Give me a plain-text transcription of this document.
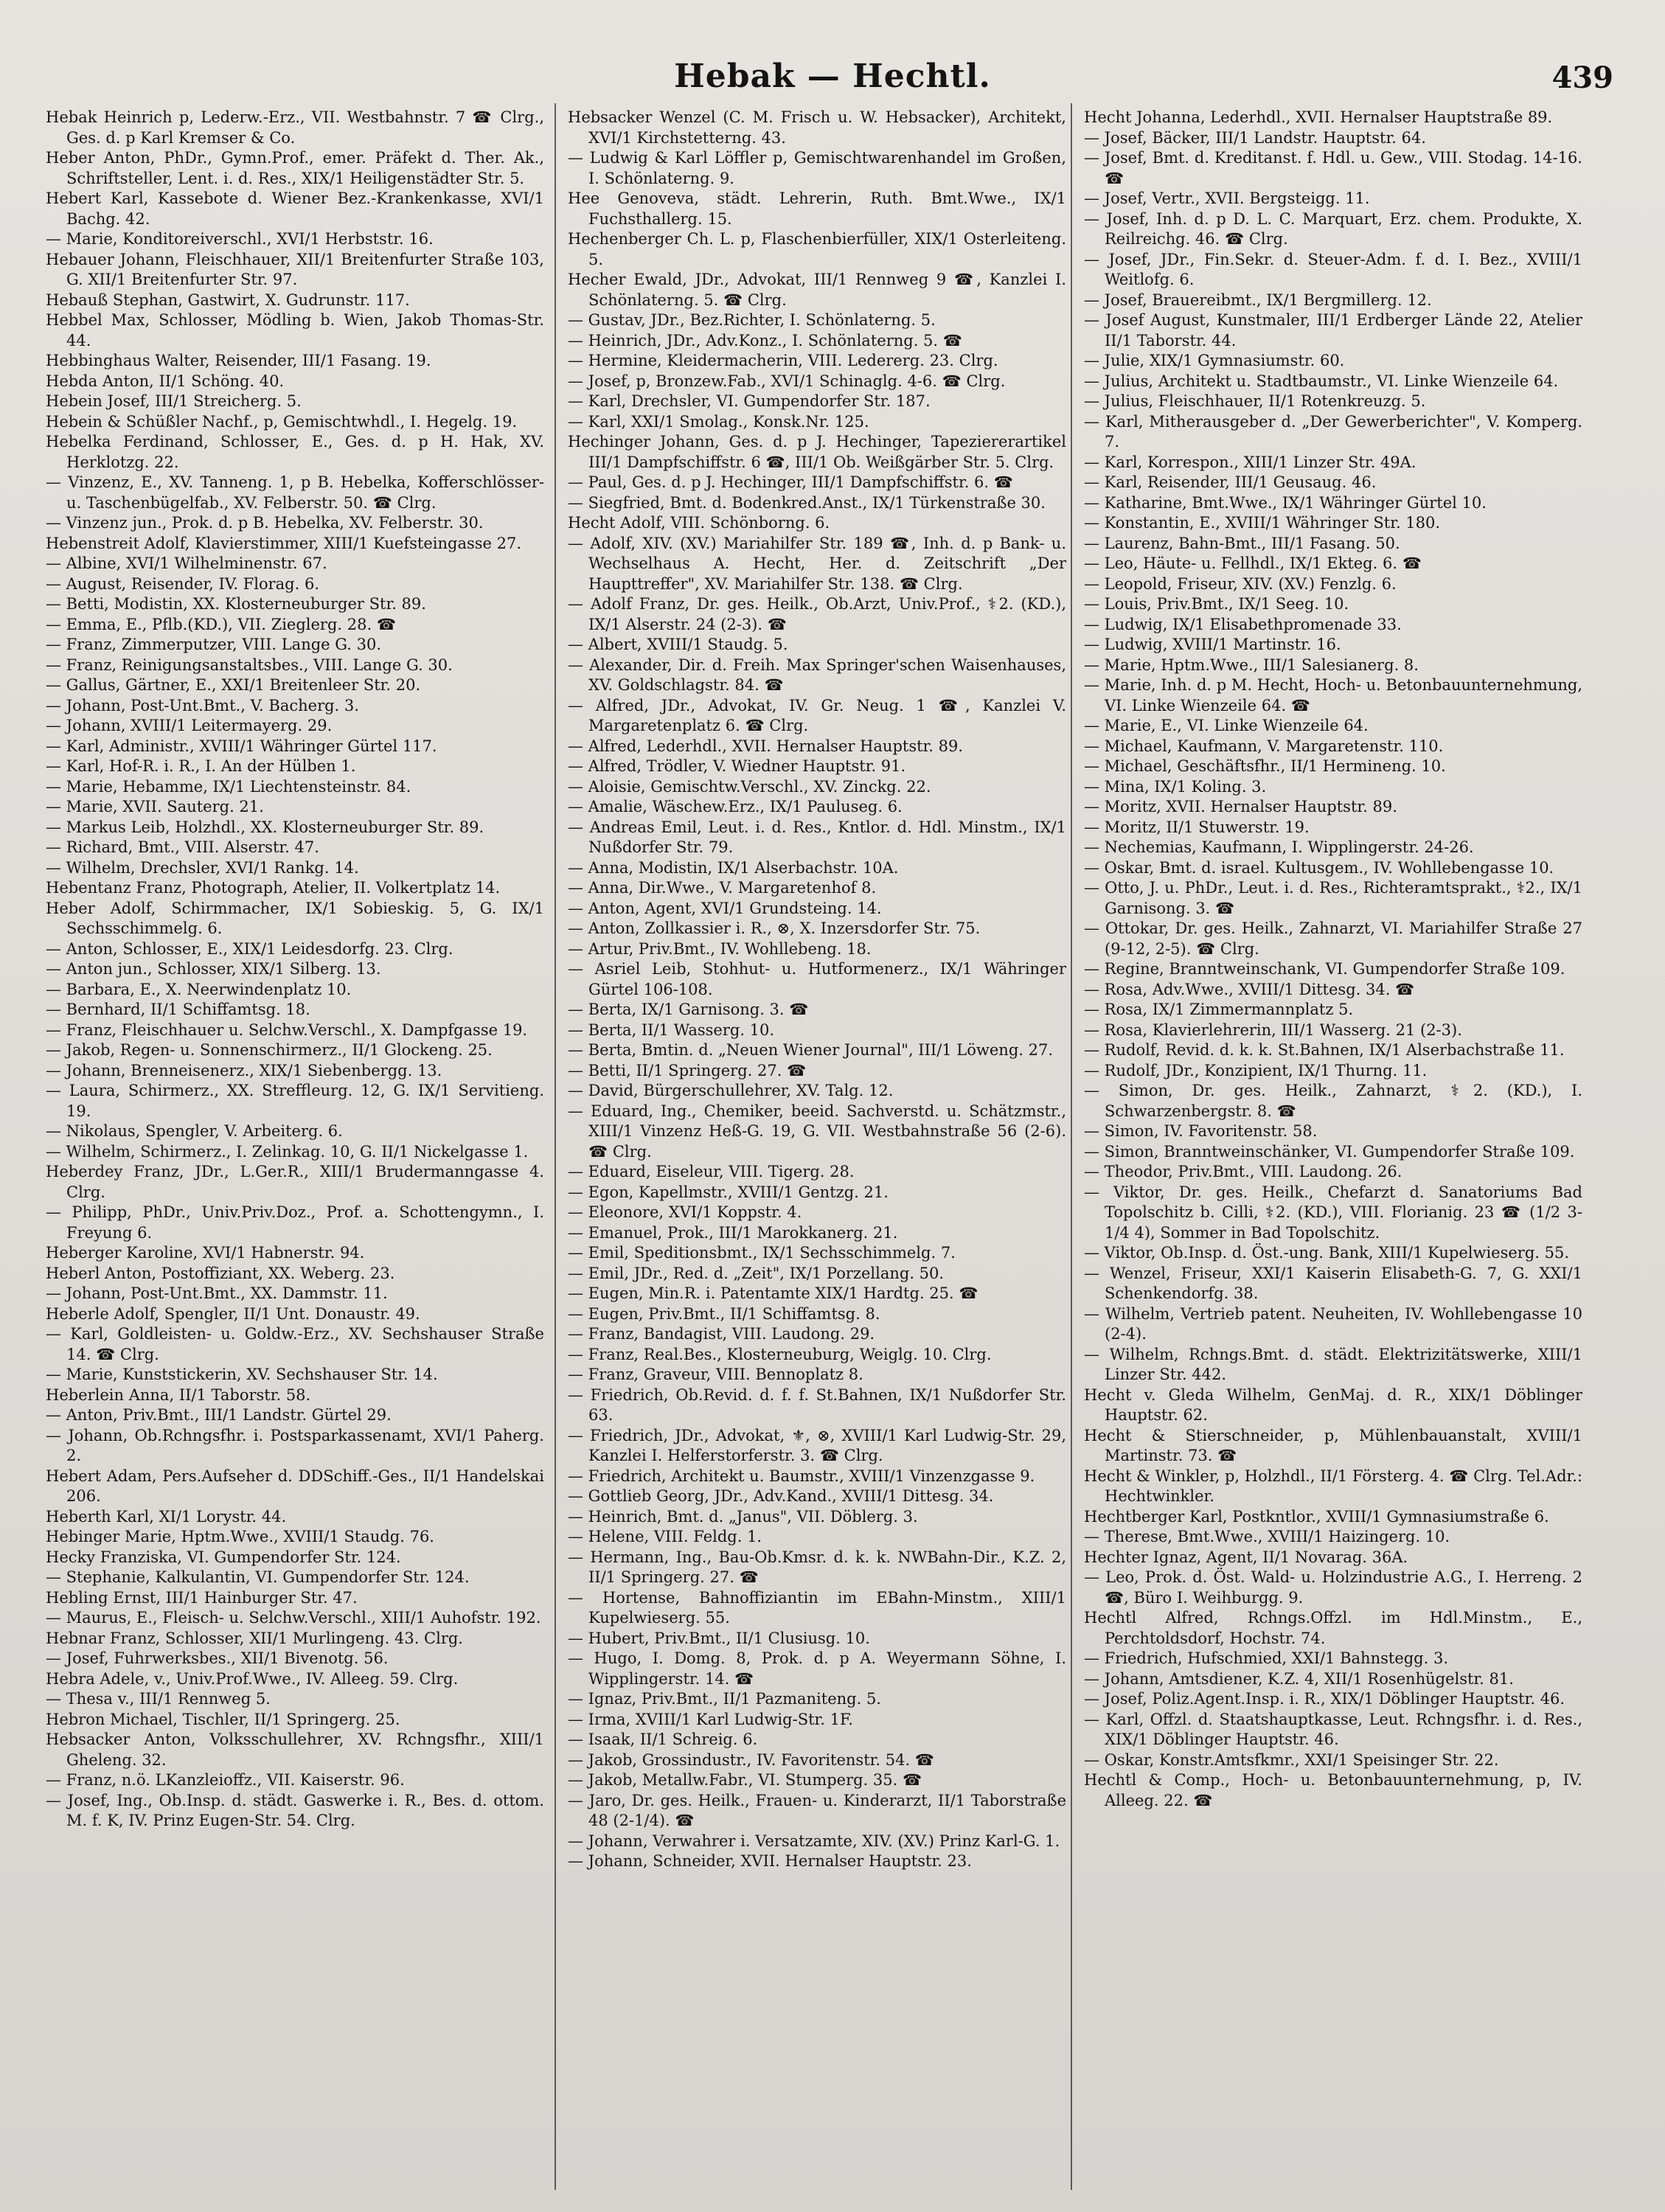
Hebak — Hechtl.	439

Hebak Heinrich p, Lederw.-Erz., VII. Westbahnstr. 7 ☎ Clrg., Ges. d. p Karl Kremser & Co.

Heber Anton, PhDr., Gymn.Prof., emer. Präfekt d. Ther. Ak., Schriftsteller, Lent. i. d. Res., XIX/1 Heiligenstädter Str. 5.

Hebert Karl, Kassebote d. Wiener Bez.-Krankenkasse, XVI/1 Bachg. 42.

— Marie, Konditoreiverschl., XVI/1 Herbststr. 16.

Hebauer Johann, Fleischhauer, XII/1 Breitenfurter Straße 103, G. XII/1 Breitenfurter Str. 97.

Hebauß Stephan, Gastwirt, X. Gudrunstr. 117.

Hebbel Max, Schlosser, Mödling b. Wien, Jakob Thomas-Str. 44.

Hebbinghaus Walter, Reisender, III/1 Fasang. 19.

Hebda Anton, II/1 Schöng. 40.

Hebein Josef, III/1 Streicherg. 5.

Hebein & Schüßler Nachf., p, Gemischtwhdl., I. Hegelg. 19.

Hebelka Ferdinand, Schlosser, E., Ges. d. p H. Hak, XV. Herklotzg. 22.

— Vinzenz, E., XV. Tanneng. 1, p B. Hebelka, Kofferschlösser- u. Taschenbügelfab., XV. Felberstr. 50. ☎ Clrg.

— Vinzenz jun., Prok. d. p B. Hebelka, XV. Felberstr. 30.

Hebenstreit Adolf, Klavierstimmer, XIII/1 Kuefsteingasse 27.

— Albine, XVI/1 Wilhelminenstr. 67.

— August, Reisender, IV. Florag. 6.

— Betti, Modistin, XX. Klosterneuburger Str. 89.

— Emma, E., Pflb.(KD.), VII. Zieglerg. 28. ☎

— Franz, Zimmerputzer, VIII. Lange G. 30.

— Franz, Reinigungsanstaltsbes., VIII. Lange G. 30.

— Gallus, Gärtner, E., XXI/1 Breitenleer Str. 20.

— Johann, Post-Unt.Bmt., V. Bacherg. 3.

— Johann, XVIII/1 Leitermayerg. 29.

— Karl, Administr., XVIII/1 Währinger Gürtel 117.

— Karl, Hof-R. i. R., I. An der Hülben 1.

— Marie, Hebamme, IX/1 Liechtensteinstr. 84.

— Marie, XVII. Sauterg. 21.

— Markus Leib, Holzhdl., XX. Klosterneuburger Str. 89.

— Richard, Bmt., VIII. Alserstr. 47.

— Wilhelm, Drechsler, XVI/1 Rankg. 14.

Hebentanz Franz, Photograph, Atelier, II. Volkertplatz 14.

Heber Adolf, Schirmmacher, IX/1 Sobieskig. 5, G. IX/1 Sechsschimmelg. 6.

— Anton, Schlosser, E., XIX/1 Leidesdorfg. 23. Clrg.

— Anton jun., Schlosser, XIX/1 Silberg. 13.

— Barbara, E., X. Neerwindenplatz 10.

— Bernhard, II/1 Schiffamtsg. 18.

— Franz, Fleischhauer u. Selchw.Verschl., X. Dampfgasse 19.

— Jakob, Regen- u. Sonnenschirmerz., II/1 Glockeng. 25.

— Johann, Brenneisenerz., XIX/1 Siebenbergg. 13.

— Laura, Schirmerz., XX. Streffleurg. 12, G. IX/1 Servitieng. 19.

— Nikolaus, Spengler, V. Arbeiterg. 6.

— Wilhelm, Schirmerz., I. Zelinkag. 10, G. II/1 Nickelgasse 1.

Heberdey Franz, JDr., L.Ger.R., XIII/1 Brudermanngasse 4. Clrg.

— Philipp, PhDr., Univ.Priv.Doz., Prof. a. Schottengymn., I. Freyung 6.

Heberger Karoline, XVI/1 Habnerstr. 94.

Heberl Anton, Postoffiziant, XX. Weberg. 23.

— Johann, Post-Unt.Bmt., XX. Dammstr. 11.

Heberle Adolf, Spengler, II/1 Unt. Donaustr. 49.

— Karl, Goldleisten- u. Goldw.-Erz., XV. Sechshauser Straße 14. ☎ Clrg.

— Marie, Kunststickerin, XV. Sechshauser Str. 14.

Heberlein Anna, II/1 Taborstr. 58.

— Anton, Priv.Bmt., III/1 Landstr. Gürtel 29.

— Johann, Ob.Rchngsfhr. i. Postsparkassenamt, XVI/1 Paherg. 2.

Hebert Adam, Pers.Aufseher d. DDSchiff.-Ges., II/1 Handelskai 206.

Heberth Karl, XI/1 Lorystr. 44.

Hebinger Marie, Hptm.Wwe., XVIII/1 Staudg. 76.

Hecky Franziska, VI. Gumpendorfer Str. 124.

— Stephanie, Kalkulantin, VI. Gumpendorfer Str. 124.

Hebling Ernst, III/1 Hainburger Str. 47.

— Maurus, E., Fleisch- u. Selchw.Verschl., XIII/1 Auhofstr. 192.

Hebnar Franz, Schlosser, XII/1 Murlingeng. 43. Clrg.

— Josef, Fuhrwerksbes., XII/1 Bivenotg. 56.

Hebra Adele, v., Univ.Prof.Wwe., IV. Alleeg. 59. Clrg.

— Thesa v., III/1 Rennweg 5.

Hebron Michael, Tischler, II/1 Springerg. 25.

Hebsacker Anton, Volksschullehrer, XV. Rchngsfhr., XIII/1 Gheleng. 32.

— Franz, n.ö. LKanzleioffz., VII. Kaiserstr. 96.

— Josef, Ing., Ob.Insp. d. städt. Gaswerke i. R., Bes. d. ottom. M. f. K, IV. Prinz Eugen-Str. 54. Clrg.

Hebsacker Wenzel (C. M. Frisch u. W. Hebsacker), Architekt, XVI/1 Kirchstetterng. 43.

— Ludwig & Karl Löffler p, Gemischtwarenhandel im Großen, I. Schönlaterng. 9.

Hee Genoveva, städt. Lehrerin, Ruth. Bmt.Wwe., IX/1 Fuchsthallerg. 15.

Hechenberger Ch. L. p, Flaschenbierfüller, XIX/1 Osterleiteng. 5.

Hecher Ewald, JDr., Advokat, III/1 Rennweg 9 ☎, Kanzlei I. Schönlaterng. 5. ☎ Clrg.

— Gustav, JDr., Bez.Richter, I. Schönlaterng. 5.

— Heinrich, JDr., Adv.Konz., I. Schönlaterng. 5. ☎

— Hermine, Kleidermacherin, VIII. Ledererg. 23. Clrg.

— Josef, p, Bronzew.Fab., XVI/1 Schinaglg. 4-6. ☎ Clrg.

— Karl, Drechsler, VI. Gumpendorfer Str. 187.

— Karl, XXI/1 Smolag., Konsk.Nr. 125.

Hechinger Johann, Ges. d. p J. Hechinger, Tapeziererartikel III/1 Dampfschiffstr. 6 ☎, III/1 Ob. Weißgärber Str. 5. Clrg.

— Paul, Ges. d. p J. Hechinger, III/1 Dampfschiffstr. 6. ☎

— Siegfried, Bmt. d. Bodenkred.Anst., IX/1 Türkenstraße 30.

Hecht Adolf, VIII. Schönborng. 6.

— Adolf, XIV. (XV.) Mariahilfer Str. 189 ☎, Inh. d. p Bank- u. Wechselhaus A. Hecht, Her. d. Zeitschrift „Der Haupttreffer", XV. Mariahilfer Str. 138. ☎ Clrg.

— Adolf Franz, Dr. ges. Heilk., Ob.Arzt, Univ.Prof., ⚕2. (KD.), IX/1 Alserstr. 24 (2-3). ☎

— Albert, XVIII/1 Staudg. 5.

— Alexander, Dir. d. Freih. Max Springer'schen Waisenhauses, XV. Goldschlagstr. 84. ☎

— Alfred, JDr., Advokat, IV. Gr. Neug. 1 ☎, Kanzlei V. Margaretenplatz 6. ☎ Clrg.

— Alfred, Lederhdl., XVII. Hernalser Hauptstr. 89.

— Alfred, Trödler, V. Wiedner Hauptstr. 91.

— Aloisie, Gemischtw.Verschl., XV. Zinckg. 22.

— Amalie, Wäschew.Erz., IX/1 Pauluseg. 6.

— Andreas Emil, Leut. i. d. Res., Kntlor. d. Hdl. Minstm., IX/1 Nußdorfer Str. 79.

— Anna, Modistin, IX/1 Alserbachstr. 10A.

— Anna, Dir.Wwe., V. Margaretenhof 8.

— Anton, Agent, XVI/1 Grundsteing. 14.

— Anton, Zollkassier i. R., ⊗, X. Inzersdorfer Str. 75.

— Artur, Priv.Bmt., IV. Wohllebeng. 18.

— Asriel Leib, Stohhut- u. Hutformenerz., IX/1 Währinger Gürtel 106-108.

— Berta, IX/1 Garnisong. 3. ☎

— Berta, II/1 Wasserg. 10.

— Berta, Bmtin. d. „Neuen Wiener Journal", III/1 Löweng. 27.

— Betti, II/1 Springerg. 27. ☎

— David, Bürgerschullehrer, XV. Talg. 12.

— Eduard, Ing., Chemiker, beeid. Sachverstd. u. Schätzmstr., XIII/1 Vinzenz Heß-G. 19, G. VII. Westbahnstraße 56 (2-6). ☎ Clrg.

— Eduard, Eiseleur, VIII. Tigerg. 28.

— Egon, Kapellmstr., XVIII/1 Gentzg. 21.

— Eleonore, XVI/1 Koppstr. 4.

— Emanuel, Prok., III/1 Marokkanerg. 21.

— Emil, Speditionsbmt., IX/1 Sechsschimmelg. 7.

— Emil, JDr., Red. d. „Zeit", IX/1 Porzellang. 50.

— Eugen, Min.R. i. Patentamte XIX/1 Hardtg. 25. ☎

— Eugen, Priv.Bmt., II/1 Schiffamtsg. 8.

— Franz, Bandagist, VIII. Laudong. 29.

— Franz, Real.Bes., Klosterneuburg, Weiglg. 10. Clrg.

— Franz, Graveur, VIII. Bennoplatz 8.

— Friedrich, Ob.Revid. d. f. f. St.Bahnen, IX/1 Nußdorfer Str. 63.

— Friedrich, JDr., Advokat, ⚜, ⊗, XVIII/1 Karl Ludwig-Str. 29, Kanzlei I. Helferstorferstr. 3. ☎ Clrg.

— Friedrich, Architekt u. Baumstr., XVIII/1 Vinzenzgasse 9.

— Gottlieb Georg, JDr., Adv.Kand., XVIII/1 Dittesg. 34.

— Heinrich, Bmt. d. „Janus", VII. Döblerg. 3.

— Helene, VIII. Feldg. 1.

— Hermann, Ing., Bau-Ob.Kmsr. d. k. k. NWBahn-Dir., K.Z. 2, II/1 Springerg. 27. ☎

— Hortense, Bahnoffiziantin im EBahn-Minstm., XIII/1 Kupelwieserg. 55.

— Hubert, Priv.Bmt., II/1 Clusiusg. 10.

— Hugo, I. Domg. 8, Prok. d. p A. Weyermann Söhne, I. Wipplingerstr. 14. ☎

— Ignaz, Priv.Bmt., II/1 Pazmaniteng. 5.

— Irma, XVIII/1 Karl Ludwig-Str. 1F.

— Isaak, II/1 Schreig. 6.

— Jakob, Grossindustr., IV. Favoritenstr. 54. ☎

— Jakob, Metallw.Fabr., VI. Stumperg. 35. ☎

— Jaro, Dr. ges. Heilk., Frauen- u. Kinderarzt, II/1 Taborstraße 48 (2-1/4). ☎

— Johann, Verwahrer i. Versatzamte, XIV. (XV.) Prinz Karl-G. 1.

— Johann, Schneider, XVII. Hernalser Hauptstr. 23.

Hecht Johanna, Lederhdl., XVII. Hernalser Hauptstraße 89.

— Josef, Bäcker, III/1 Landstr. Hauptstr. 64.

— Josef, Bmt. d. Kreditanst. f. Hdl. u. Gew., VIII. Stodag. 14-16. ☎

— Josef, Vertr., XVII. Bergsteigg. 11.

— Josef, Inh. d. p D. L. C. Marquart, Erz. chem. Produkte, X. Reilreichg. 46. ☎ Clrg.

— Josef, JDr., Fin.Sekr. d. Steuer-Adm. f. d. I. Bez., XVIII/1 Weitlofg. 6.

— Josef, Brauereibmt., IX/1 Bergmillerg. 12.

— Josef August, Kunstmaler, III/1 Erdberger Lände 22, Atelier II/1 Taborstr. 44.

— Julie, XIX/1 Gymnasiumstr. 60.

— Julius, Architekt u. Stadtbaumstr., VI. Linke Wienzeile 64.

— Julius, Fleischhauer, II/1 Rotenkreuzg. 5.

— Karl, Mitherausgeber d. „Der Gewerberichter", V. Komperg. 7.

— Karl, Korrespon., XIII/1 Linzer Str. 49A.

— Karl, Reisender, III/1 Geusaug. 46.

— Katharine, Bmt.Wwe., IX/1 Währinger Gürtel 10.

— Konstantin, E., XVIII/1 Währinger Str. 180.

— Laurenz, Bahn-Bmt., III/1 Fasang. 50.

— Leo, Häute- u. Fellhdl., IX/1 Ekteg. 6. ☎

— Leopold, Friseur, XIV. (XV.) Fenzlg. 6.

— Louis, Priv.Bmt., IX/1 Seeg. 10.

— Ludwig, IX/1 Elisabethpromenade 33.

— Ludwig, XVIII/1 Martinstr. 16.

— Marie, Hptm.Wwe., III/1 Salesianerg. 8.

— Marie, Inh. d. p M. Hecht, Hoch- u. Betonbauunternehmung, VI. Linke Wienzeile 64. ☎

— Marie, E., VI. Linke Wienzeile 64.

— Michael, Kaufmann, V. Margaretenstr. 110.

— Michael, Geschäftsfhr., II/1 Hermineng. 10.

— Mina, IX/1 Koling. 3.

— Moritz, XVII. Hernalser Hauptstr. 89.

— Moritz, II/1 Stuwerstr. 19.

— Nechemias, Kaufmann, I. Wipplingerstr. 24-26.

— Oskar, Bmt. d. israel. Kultusgem., IV. Wohllebengasse 10.

— Otto, J. u. PhDr., Leut. i. d. Res., Richteramtsprakt., ⚕2., IX/1 Garnisong. 3. ☎

— Ottokar, Dr. ges. Heilk., Zahnarzt, VI. Mariahilfer Straße 27 (9-12, 2-5). ☎ Clrg.

— Regine, Branntweinschank, VI. Gumpendorfer Straße 109.

— Rosa, Adv.Wwe., XVIII/1 Dittesg. 34. ☎

— Rosa, IX/1 Zimmermannplatz 5.

— Rosa, Klavierlehrerin, III/1 Wasserg. 21 (2-3).

— Rudolf, Revid. d. k. k. St.Bahnen, IX/1 Alserbachstraße 11.

— Rudolf, JDr., Konzipient, IX/1 Thurng. 11.

— Simon, Dr. ges. Heilk., Zahnarzt, ⚕2. (KD.), I. Schwarzenbergstr. 8. ☎

— Simon, IV. Favoritenstr. 58.

— Simon, Branntweinschänker, VI. Gumpendorfer Straße 109.

— Theodor, Priv.Bmt., VIII. Laudong. 26.

— Viktor, Dr. ges. Heilk., Chefarzt d. Sanatoriums Bad Topolschitz b. Cilli, ⚕2. (KD.), VIII. Florianig. 23 ☎ (1/2 3-1/4 4), Sommer in Bad Topolschitz.

— Viktor, Ob.Insp. d. Öst.-ung. Bank, XIII/1 Kupelwieserg. 55.

— Wenzel, Friseur, XXI/1 Kaiserin Elisabeth-G. 7, G. XXI/1 Schenkendorfg. 38.

— Wilhelm, Vertrieb patent. Neuheiten, IV. Wohllebengasse 10 (2-4).

— Wilhelm, Rchngs.Bmt. d. städt. Elektrizitätswerke, XIII/1 Linzer Str. 442.

Hecht v. Gleda Wilhelm, GenMaj. d. R., XIX/1 Döblinger Hauptstr. 62.

Hecht & Stierschneider, p, Mühlenbauanstalt, XVIII/1 Martinstr. 73. ☎

Hecht & Winkler, p, Holzhdl., II/1 Försterg. 4. ☎ Clrg. Tel.Adr.: Hechtwinkler.

Hechtberger Karl, Postkntlor., XVIII/1 Gymnasiumstraße 6.

— Therese, Bmt.Wwe., XVIII/1 Haizingerg. 10.

Hechter Ignaz, Agent, II/1 Novarag. 36A.

— Leo, Prok. d. Öst. Wald- u. Holzindustrie A.G., I. Herreng. 2 ☎, Büro I. Weihburgg. 9.

Hechtl Alfred, Rchngs.Offzl. im Hdl.Minstm., E., Perchtoldsdorf, Hochstr. 74.

— Friedrich, Hufschmied, XXI/1 Bahnstegg. 3.

— Johann, Amtsdiener, K.Z. 4, XII/1 Rosenhügelstr. 81.

— Josef, Poliz.Agent.Insp. i. R., XIX/1 Döblinger Hauptstr. 46.

— Karl, Offzl. d. Staatshauptkasse, Leut. Rchngsfhr. i. d. Res., XIX/1 Döblinger Hauptstr. 46.

— Oskar, Konstr.Amtsfkmr., XXI/1 Speisinger Str. 22.

Hechtl & Comp., Hoch- u. Betonbauunternehmung, p, IV. Alleeg. 22. ☎
